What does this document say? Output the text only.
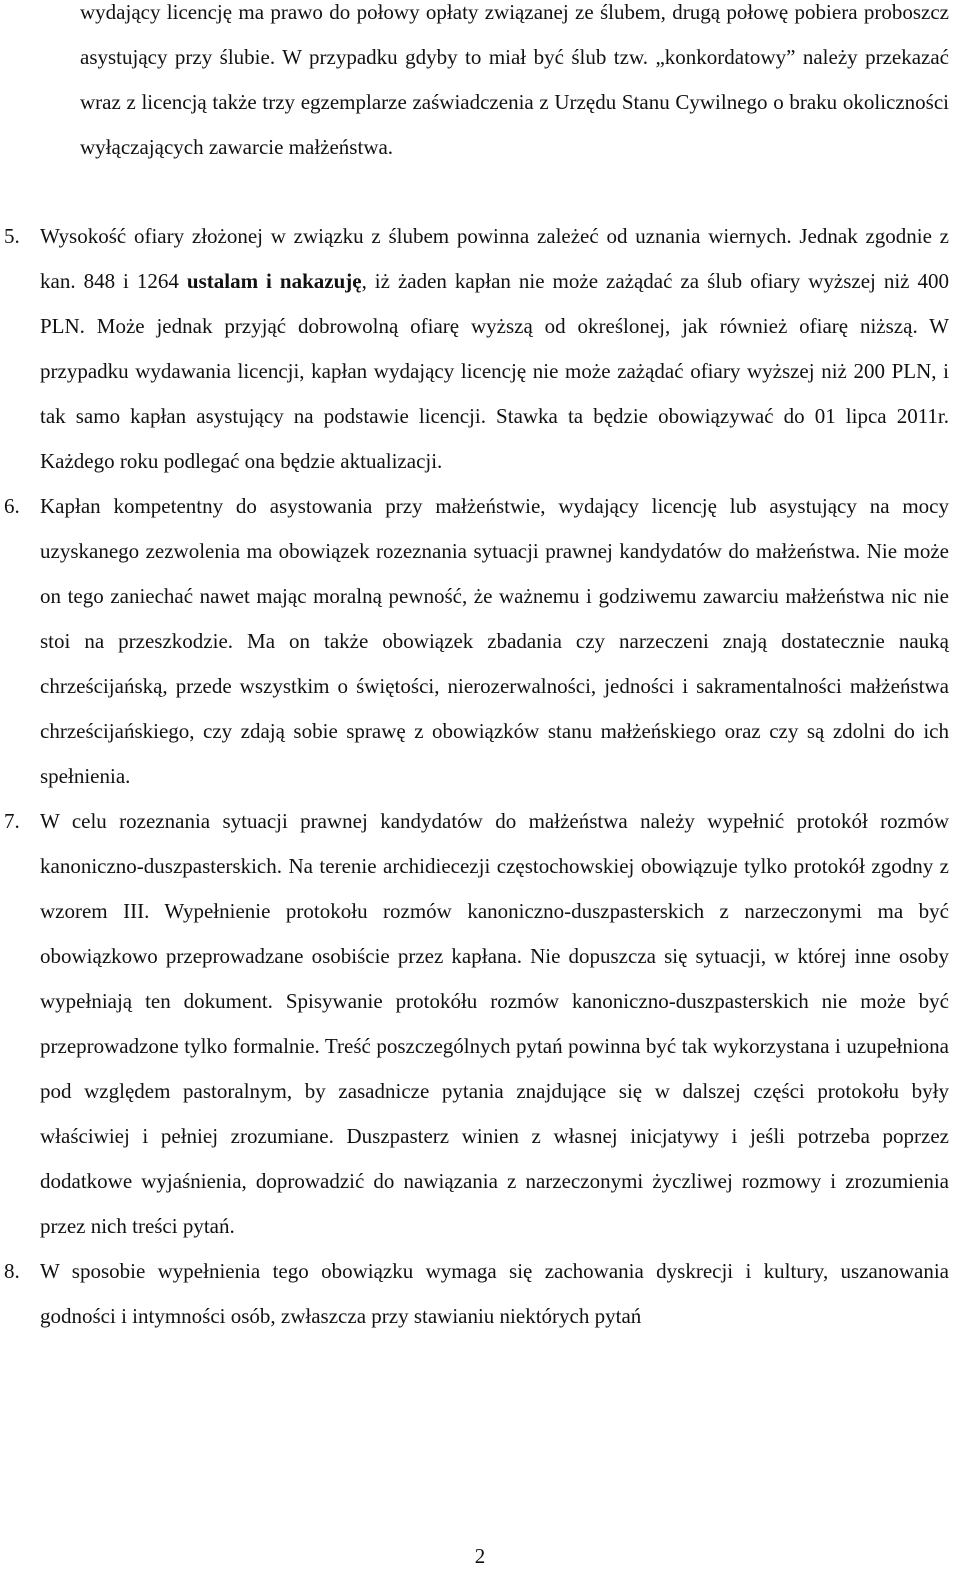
wydający licencję ma prawo do połowy opłaty związanej ze ślubem, drugą połowę pobiera proboszcz asystujący przy ślubie. W przypadku gdyby to miał być ślub tzw. „konkordatowy” należy przekazać wraz z licencją także trzy egzemplarze zaświadczenia z Urzędu Stanu Cywilnego o braku okoliczności wyłączających zawarcie małżeństwa.

5. Wysokość ofiary złożonej w związku z ślubem powinna zależeć od uznania wiernych. Jednak zgodnie z kan. 848 i 1264 ustalam i nakazuję, iż żaden kapłan nie może zażądać za ślub ofiary wyższej niż 400 PLN. Może jednak przyjąć dobrowolną ofiarę wyższą od określonej, jak również ofiarę niższą. W przypadku wydawania licencji, kapłan wydający licencję nie może zażądać ofiary wyższej niż 200 PLN, i tak samo kapłan asystujący na podstawie licencji. Stawka ta będzie obowiązywać do 01 lipca 2011r. Każdego roku podlegać ona będzie aktualizacji.
6. Kapłan kompetentny do asystowania przy małżeństwie, wydający licencję lub asystujący na mocy uzyskanego zezwolenia ma obowiązek rozeznania sytuacji prawnej kandydatów do małżeństwa. Nie może on tego zaniechać nawet mając moralną pewność, że ważnemu i godziwemu zawarciu małżeństwa nic nie stoi na przeszkodzie. Ma on także obowiązek zbadania czy narzeczeni znają dostatecznie nauką chrześcijańską, przede wszystkim o świętości, nierozerwalności, jedności i sakramentalności małżeństwa chrześcijańskiego, czy zdają sobie sprawę z obowiązków stanu małżeńskiego oraz czy są zdolni do ich spełnienia.
7. W celu rozeznania sytuacji prawnej kandydatów do małżeństwa należy wypełnić protokół rozmów kanoniczno-duszpasterskich. Na terenie archidiecezji częstochowskiej obowiązuje tylko protokół zgodny z wzorem III. Wypełnienie protokołu rozmów kanoniczno-duszpasterskich z narzeczonymi ma być obowiązkowo przeprowadzane osobiście przez kapłana. Nie dopuszcza się sytuacji, w której inne osoby wypełniają ten dokument. Spisywanie protokółu rozmów kanoniczno-duszpasterskich nie może być przeprowadzone tylko formalnie. Treść poszczególnych pytań powinna być tak wykorzystana i uzupełniona pod względem pastoralnym, by zasadnicze pytania znajdujące się w dalszej części protokołu były właściwiej i pełniej zrozumiane. Duszpasterz winien z własnej inicjatywy i jeśli potrzeba poprzez dodatkowe wyjaśnienia, doprowadzić do nawiązania z narzeczonymi życzliwej rozmowy i zrozumienia przez nich treści pytań.
8. W sposobie wypełnienia tego obowiązku wymaga się zachowania dyskrecji i kultury, uszanowania godności i intymności osób, zwłaszcza przy stawianiu niektórych pytań
2
